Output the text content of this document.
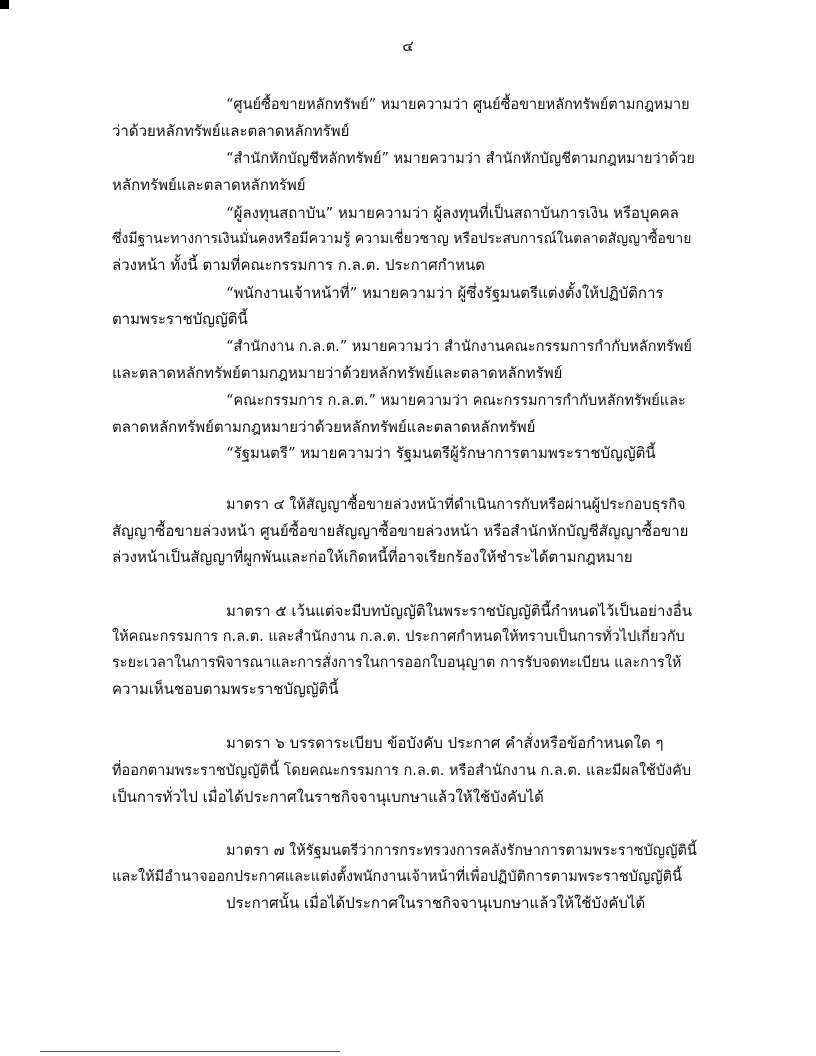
๔
“ศูนย์ซื้อขายหลักทรัพย์” หมายความว่า ศูนย์ซื้อขายหลักทรัพย์ตามกฎหมาย
ว่าด้วยหลักทรัพย์และตลาดหลักทรัพย์
“สำนักหักบัญชีหลักทรัพย์” หมายความว่า สำนักหักบัญชีตามกฎหมายว่าด้วย
หลักทรัพย์และตลาดหลักทรัพย์
“ผู้ลงทุนสถาบัน” หมายความว่า ผู้ลงทุนที่เป็นสถาบันการเงิน หรือบุคคล
ซึ่งมีฐานะทางการเงินมั่นคงหรือมีความรู้ ความเชี่ยวชาญ หรือประสบการณ์ในตลาดสัญญาซื้อขาย
ล่วงหน้า ทั้งนี้ ตามที่คณะกรรมการ ก.ล.ต. ประกาศกำหนด
“พนักงานเจ้าหน้าที่” หมายความว่า ผู้ซึ่งรัฐมนตรีแต่งตั้งให้ปฏิบัติการ
ตามพระราชบัญญัตินี้
“สำนักงาน ก.ล.ต.” หมายความว่า สำนักงานคณะกรรมการกำกับหลักทรัพย์
และตลาดหลักทรัพย์ตามกฎหมายว่าด้วยหลักทรัพย์และตลาดหลักทรัพย์
“คณะกรรมการ ก.ล.ต.” หมายความว่า คณะกรรมการกำกับหลักทรัพย์และ
ตลาดหลักทรัพย์ตามกฎหมายว่าด้วยหลักทรัพย์และตลาดหลักทรัพย์
“รัฐมนตรี” หมายความว่า รัฐมนตรีผู้รักษาการตามพระราชบัญญัตินี้
มาตรา ๔ ให้สัญญาซื้อขายล่วงหน้าที่ดำเนินการกับหรือผ่านผู้ประกอบธุรกิจ
สัญญาซื้อขายล่วงหน้า ศูนย์ซื้อขายสัญญาซื้อขายล่วงหน้า หรือสำนักหักบัญชีสัญญาซื้อขาย
ล่วงหน้าเป็นสัญญาที่ผูกพันและก่อให้เกิดหนี้ที่อาจเรียกร้องให้ชำระได้ตามกฎหมาย
มาตรา ๕ เว้นแต่จะมีบทบัญญัติในพระราชบัญญัตินี้กำหนดไว้เป็นอย่างอื่น
ให้คณะกรรมการ ก.ล.ต. และสำนักงาน ก.ล.ต. ประกาศกำหนดให้ทราบเป็นการทั่วไปเกี่ยวกับ
ระยะเวลาในการพิจารณาและการสั่งการในการออกใบอนุญาต การรับจดทะเบียน และการให้
ความเห็นชอบตามพระราชบัญญัตินี้
มาตรา ๖ บรรดาระเบียบ ข้อบังคับ ประกาศ คำสั่งหรือข้อกำหนดใด ๆ
ที่ออกตามพระราชบัญญัตินี้ โดยคณะกรรมการ ก.ล.ต. หรือสำนักงาน ก.ล.ต. และมีผลใช้บังคับ
เป็นการทั่วไป เมื่อได้ประกาศในราชกิจจานุเบกษาแล้วให้ใช้บังคับได้
มาตรา ๗ ให้รัฐมนตรีว่าการกระทรวงการคลังรักษาการตามพระราชบัญญัตินี้
และให้มีอำนาจออกประกาศและแต่งตั้งพนักงานเจ้าหน้าที่เพื่อปฏิบัติการตามพระราชบัญญัตินี้
ประกาศนั้น เมื่อได้ประกาศในราชกิจจานุเบกษาแล้วให้ใช้บังคับได้
